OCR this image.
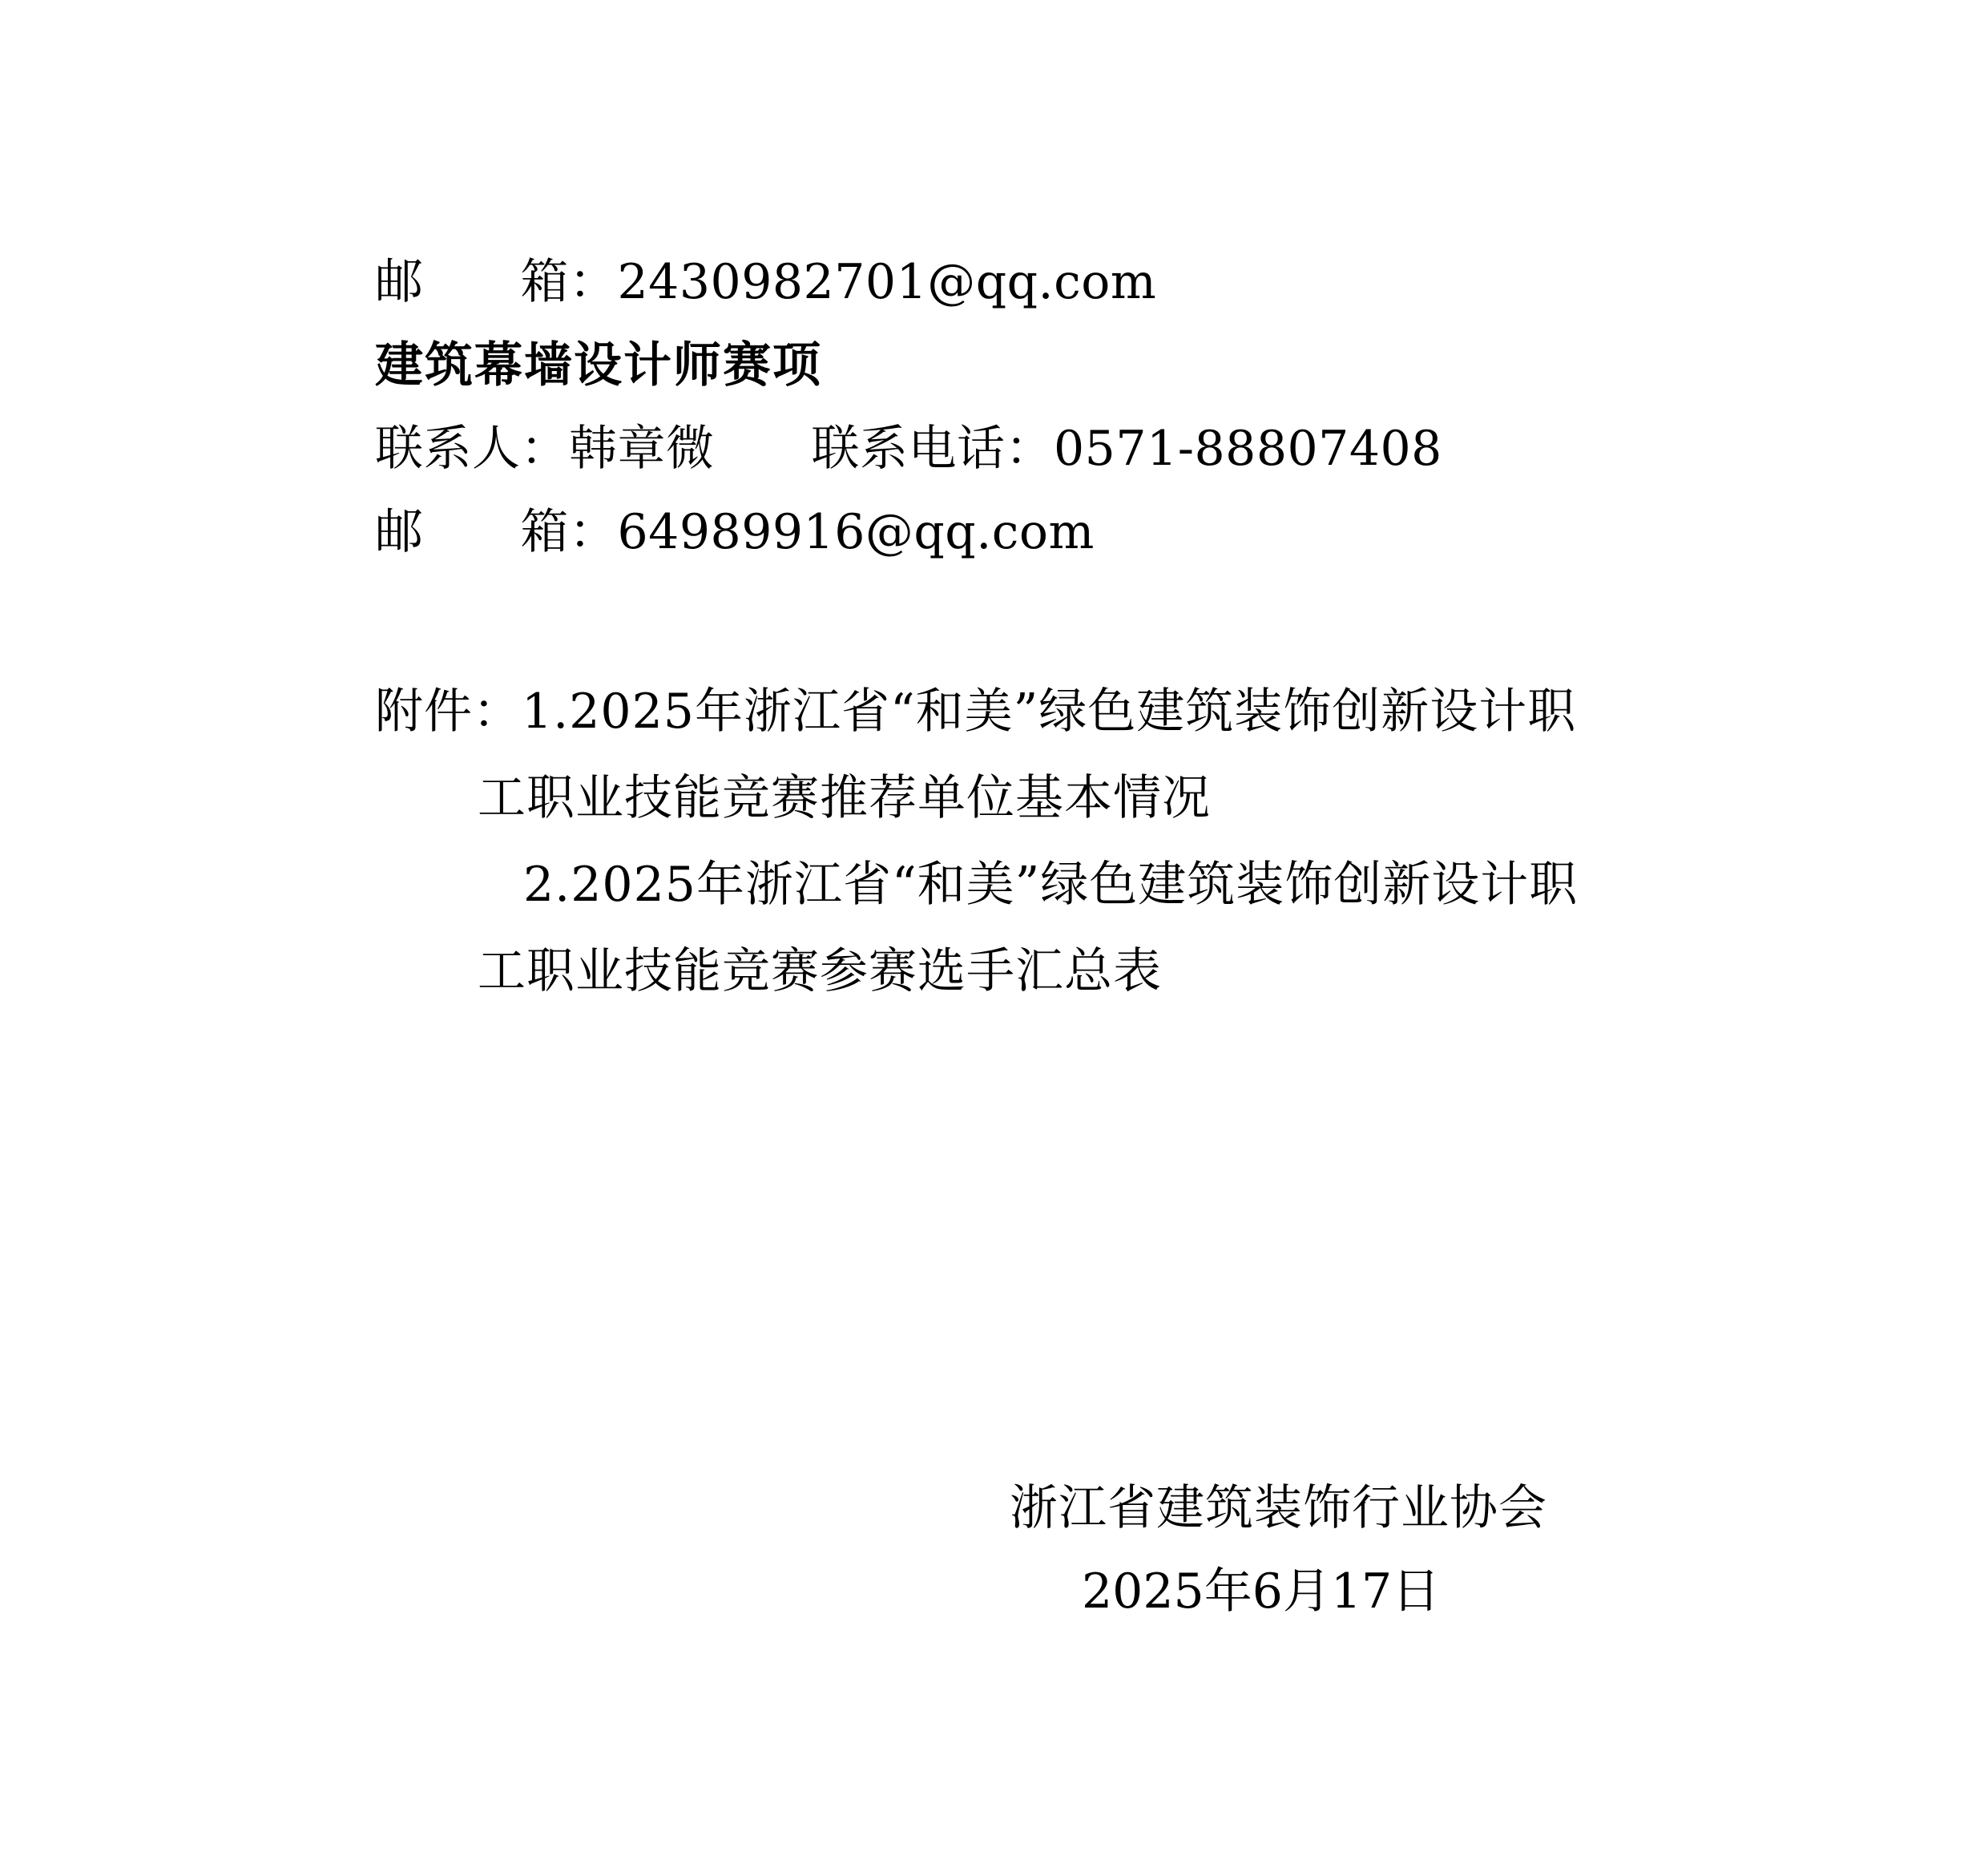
邮　　箱：2430982701@qq.com
建筑幕墙设计师赛项
联系人：韩章微　　联系电话：0571-88807408
邮　　箱：64989916@qq.com
附件：1.2025年浙江省“和美”绿色建筑装饰创新设计职
工职业技能竞赛推荐单位基本情况
2.2025年浙江省“和美”绿色建筑装饰创新设计职
工职业技能竞赛参赛选手汇总表
浙江省建筑装饰行业协会
2025年6月17日
